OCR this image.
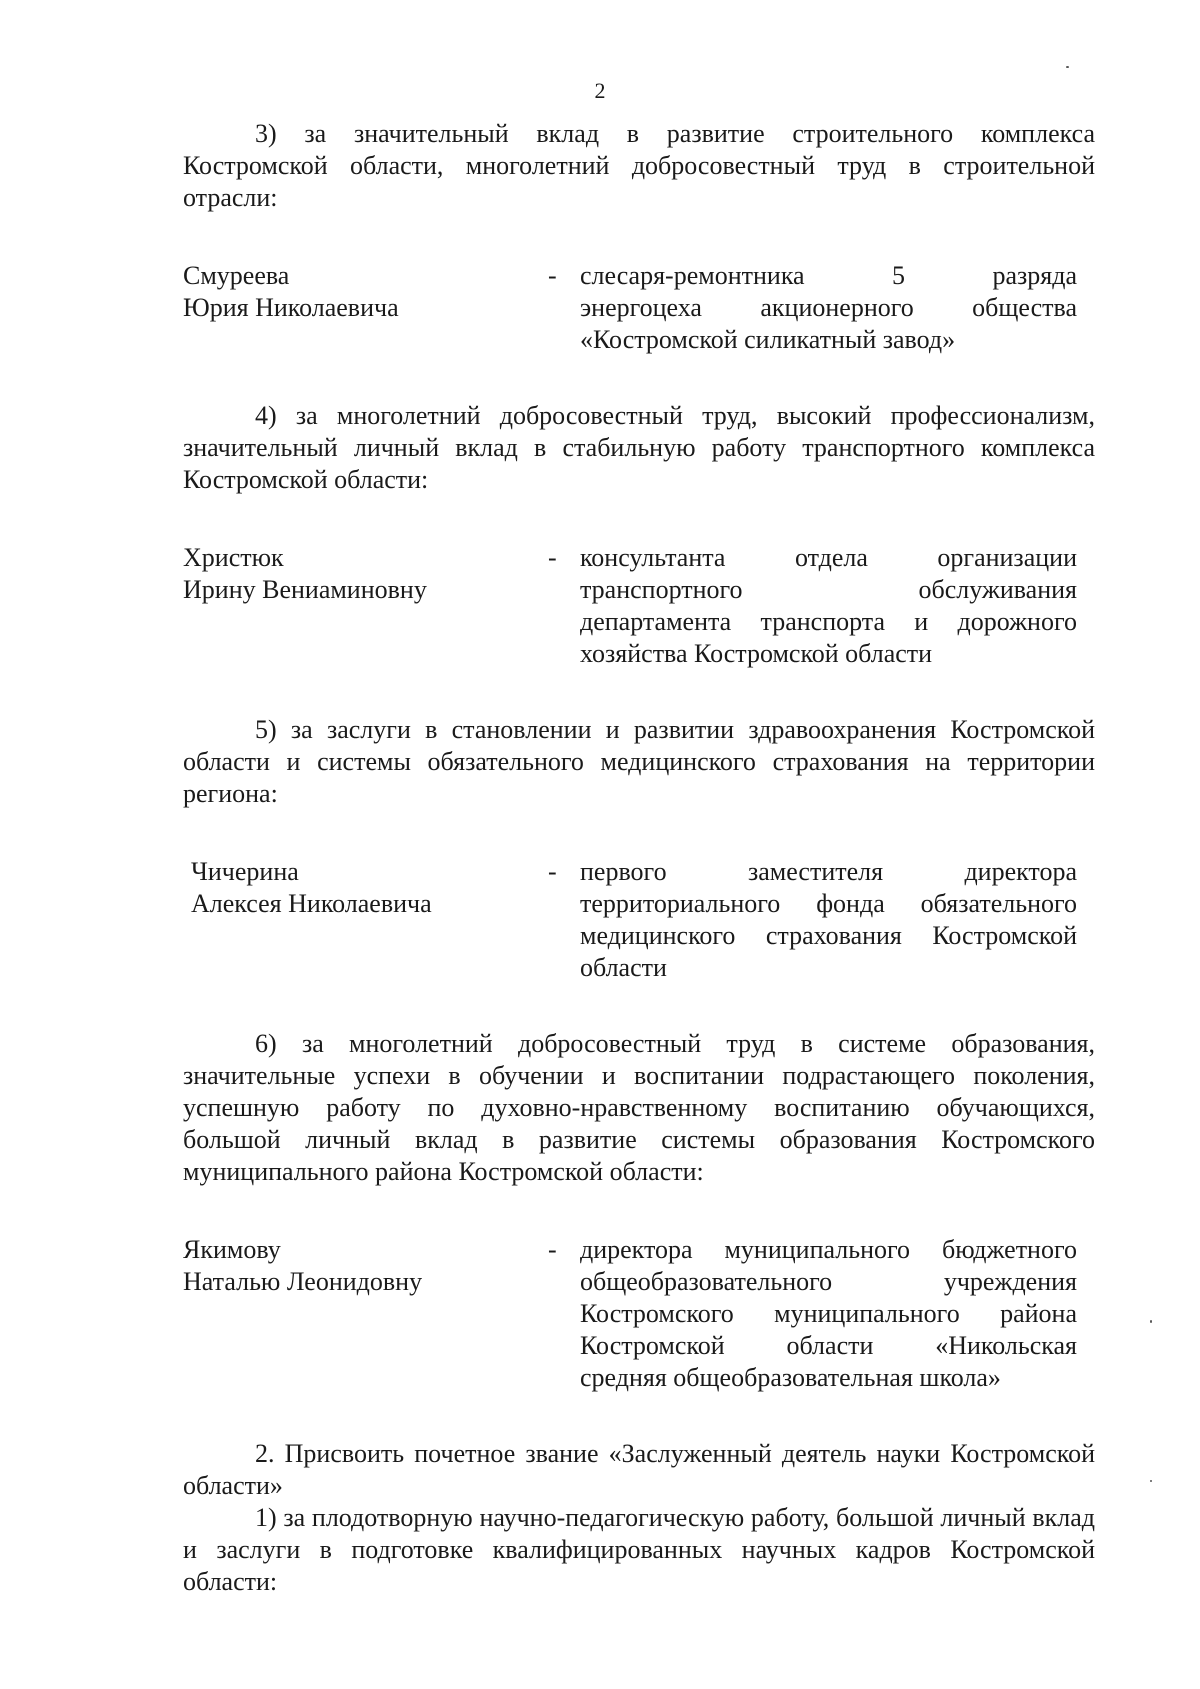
2

3) за значительный вклад в развитие строительного комплекса Костромской области, многолетний добросовестный труд в строительной отрасли:

Смуреева
Юрия Николаевича
- слесаря-ремонтника 5 разряда
энергоцеха акционерного общества
«Костромской силикатный завод»

4) за многолетний добросовестный труд, высокий профессионализм, значительный личный вклад в стабильную работу транспортного комплекса Костромской области:

Христюк
Ирину Вениаминовну
- консультанта отдела организации
транспортного обслуживания
департамента транспорта и дорожного
хозяйства Костромской области

5) за заслуги в становлении и развитии здравоохранения Костромской области и системы обязательного медицинского страхования на территории региона:

Чичерина
Алексея Николаевича
- первого заместителя директора
территориального фонда обязательного
медицинского страхования Костромской
области

6) за многолетний добросовестный труд в системе образования, значительные успехи в обучении и воспитании подрастающего поколения, успешную работу по духовно-нравственному воспитанию обучающихся, большой личный вклад в развитие системы образования Костромского муниципального района Костромской области:

Якимову
Наталью Леонидовну
- директора муниципального бюджетного
общеобразовательного учреждения
Костромского муниципального района
Костромской области «Никольская
средняя общеобразовательная школа»

2. Присвоить почетное звание «Заслуженный деятель науки Костромской области»

1) за плодотворную научно-педагогическую работу, большой личный вклад и заслуги в подготовке квалифицированных научных кадров Костромской области:
